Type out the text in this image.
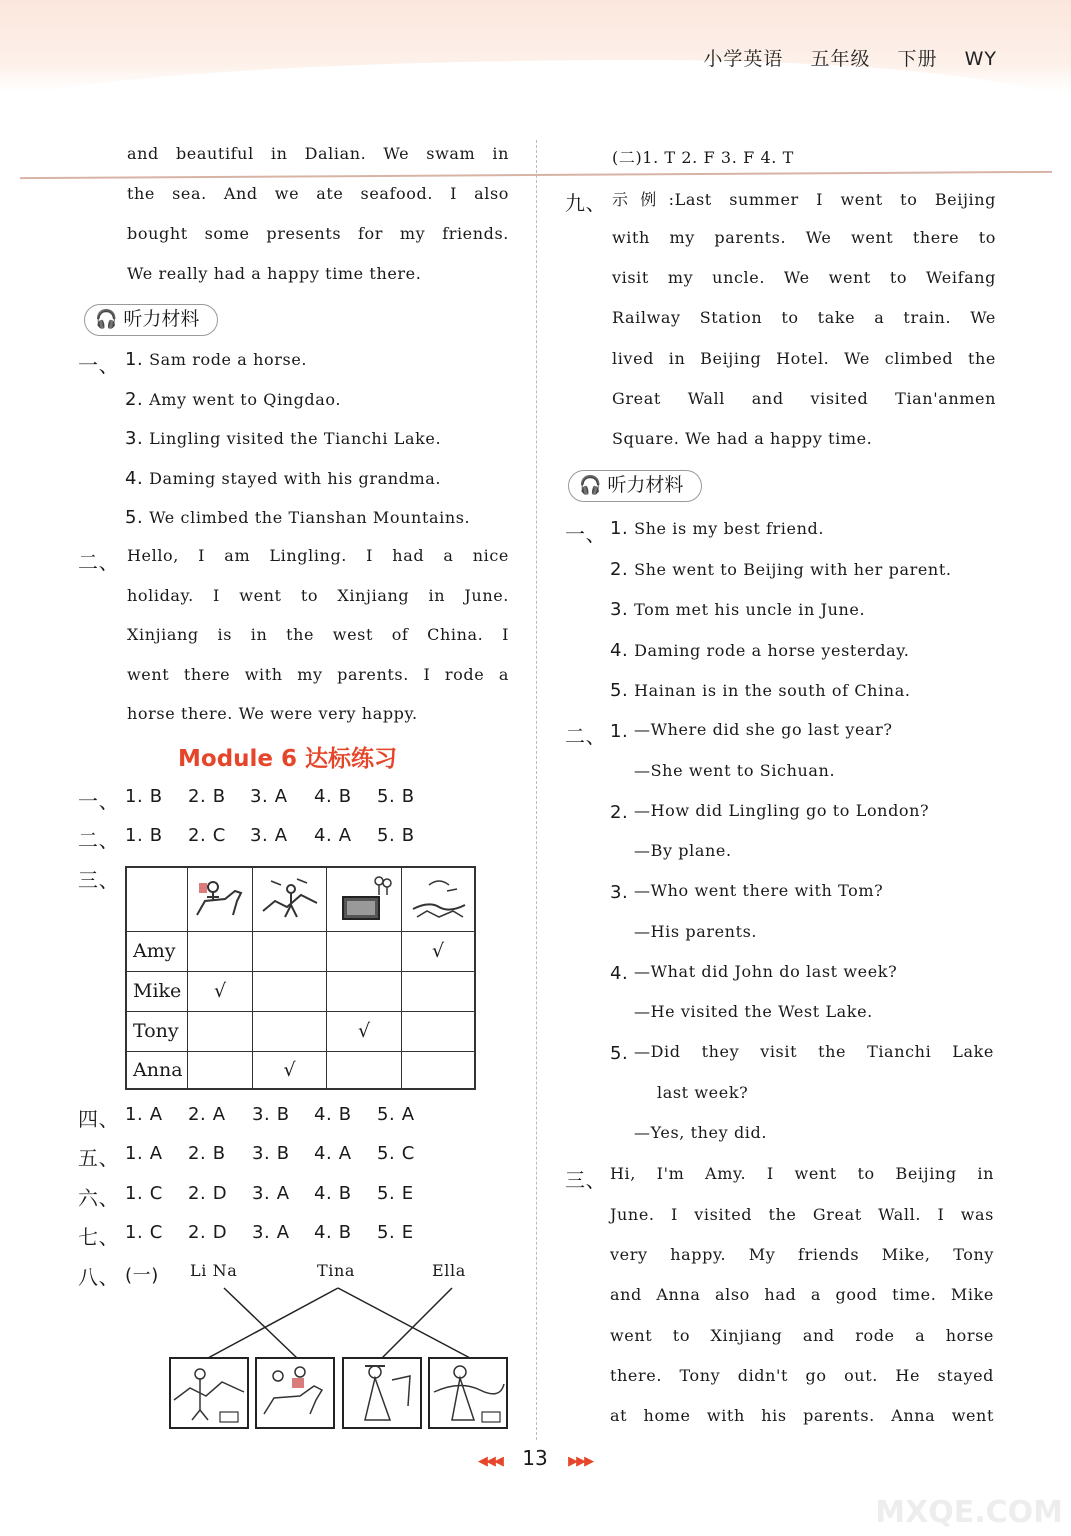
小学英语 五年级 下册 WY
and beautiful in Dalian. We swam in
the sea. And we ate seafood. I also
bought some presents for my friends.
We really had a happy time there.
🎧 听力材料
一、 1. Sam rode a horse.
2. Amy went to Qingdao.
3. Lingling visited the Tianchi Lake.
4. Daming stayed with his grandma.
5. We climbed the Tianshan Mountains.
二、 Hello, I am Lingling. I had a nice
holiday. I went to Xinjiang in June.
Xinjiang is in the west of China. I
went there with my parents. I rode a
horse there. We were very happy.
Module 6 达标练习
一、 1. B 2. B 3. A 4. B 5. B
二、 1. B 2. C 3. A 4. A 5. B
三、

Amy				√
Mike	√			
Tony			√	
Anna		√		
四、 1. A 2. A 3. B 4. B 5. A
五、 1. A 2. B 3. B 4. A 5. C
六、 1. C 2. D 3. A 4. B 5. E
七、 1. C 2. D 3. A 4. B 5. E
八、 (一) Li Na	Tina	Ella
(二)1. T 2. F 3. F 4. T
九、 示例:Last summer I went to Beijing
with my parents. We went there to
visit my uncle. We went to Weifang
Railway Station to take a train. We
lived in Beijing Hotel. We climbed the
Great Wall and visited Tian'anmen
Square. We had a happy time.
🎧 听力材料
一、 1. She is my best friend.
2. She went to Beijing with her parent.
3. Tom met his uncle in June.
4. Daming rode a horse yesterday.
5. Hainan is in the south of China.
二、 1. —Where did she go last year?
—She went to Sichuan.
2. —How did Lingling go to London?
—By plane.
3. —Who went there with Tom?
—His parents.
4. —What did John do last week?
—He visited the West Lake.
5. —Did they visit the Tianchi Lake
last week?
—Yes, they did.
三、 Hi, I'm Amy. I went to Beijing in
June. I visited the Great Wall. I was
very happy. My friends Mike, Tony
and Anna also had a good time. Mike
went to Xinjiang and rode a horse
there. Tony didn't go out. He stayed
at home with his parents. Anna went
◀◀◀ 13 ▶▶▶
MXQE.COM
